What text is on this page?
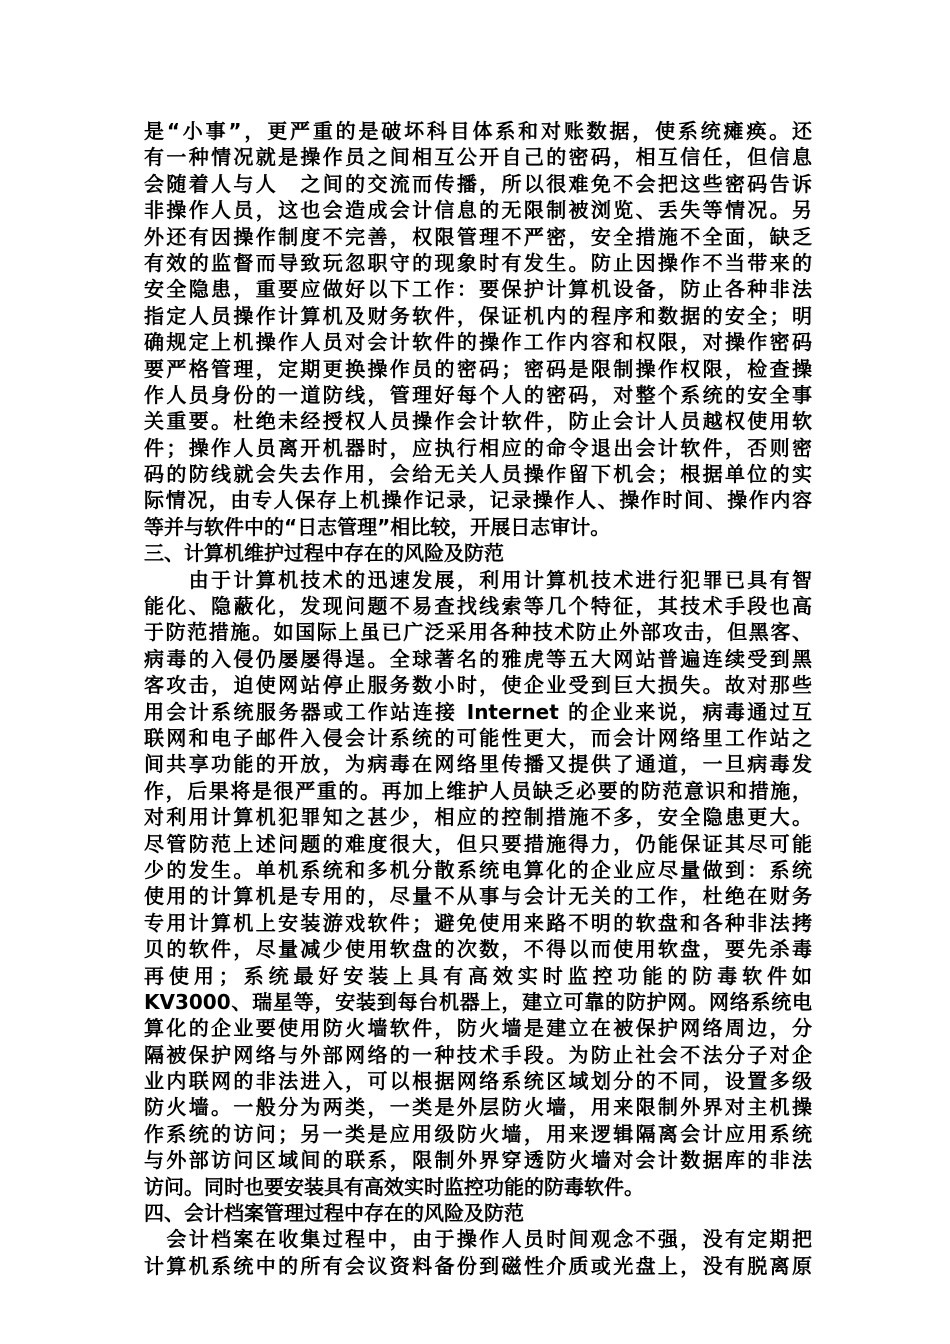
是“小事”，更严重的是破坏科目体系和对账数据，使系统瘫痪。还
有一种情况就是操作员之间相互公开自己的密码，相互信任，但信息
会随着人与人　之间的交流而传播，所以很难免不会把这些密码告诉
非操作人员，这也会造成会计信息的无限制被浏览、丢失等情况。另
外还有因操作制度不完善，权限管理不严密，安全措施不全面，缺乏
有效的监督而导致玩忽职守的现象时有发生。防止因操作不当带来的
安全隐患，重要应做好以下工作：要保护计算机设备，防止各种非法
指定人员操作计算机及财务软件，保证机内的程序和数据的安全；明
确规定上机操作人员对会计软件的操作工作内容和权限，对操作密码
要严格管理，定期更换操作员的密码；密码是限制操作权限，检查操
作人员身份的一道防线，管理好每个人的密码，对整个系统的安全事
关重要。杜绝未经授权人员操作会计软件，防止会计人员越权使用软
件；操作人员离开机器时，应执行相应的命令退出会计软件，否则密
码的防线就会失去作用，会给无关人员操作留下机会；根据单位的实
际情况，由专人保存上机操作记录，记录操作人、操作时间、操作内容
等并与软件中的“日志管理”相比较，开展日志审计。
三、计算机维护过程中存在的风险及防范
　　由于计算机技术的迅速发展，利用计算机技术进行犯罪已具有智
能化、隐蔽化，发现问题不易查找线索等几个特征，其技术手段也高
于防范措施。如国际上虽已广泛采用各种技术防止外部攻击，但黑客、
病毒的入侵仍屡屡得逞。全球著名的雅虎等五大网站普遍连续受到黑
客攻击，迫使网站停止服务数小时，使企业受到巨大损失。故对那些
用会计系统服务器或工作站连接 Internet 的企业来说，病毒通过互
联网和电子邮件入侵会计系统的可能性更大，而会计网络里工作站之
间共享功能的开放，为病毒在网络里传播又提供了通道，一旦病毒发
作，后果将是很严重的。再加上维护人员缺乏必要的防范意识和措施，
对利用计算机犯罪知之甚少，相应的控制措施不多，安全隐患更大。
尽管防范上述问题的难度很大，但只要措施得力，仍能保证其尽可能
少的发生。单机系统和多机分散系统电算化的企业应尽量做到：系统
使用的计算机是专用的，尽量不从事与会计无关的工作，杜绝在财务
专用计算机上安装游戏软件；避免使用来路不明的软盘和各种非法拷
贝的软件，尽量减少使用软盘的次数，不得以而使用软盘，要先杀毒
再使用；系统最好安装上具有高效实时监控功能的防毒软件如
KV3000、瑞星等，安装到每台机器上，建立可靠的防护网。网络系统电
算化的企业要使用防火墙软件，防火墙是建立在被保护网络周边，分
隔被保护网络与外部网络的一种技术手段。为防止社会不法分子对企
业内联网的非法进入，可以根据网络系统区域划分的不同，设置多级
防火墙。一般分为两类，一类是外层防火墙，用来限制外界对主机操
作系统的访问；另一类是应用级防火墙，用来逻辑隔离会计应用系统
与外部访问区域间的联系，限制外界穿透防火墙对会计数据库的非法
访问。同时也要安装具有高效实时监控功能的防毒软件。
四、会计档案管理过程中存在的风险及防范
　会计档案在收集过程中，由于操作人员时间观念不强，没有定期把
计算机系统中的所有会议资料备份到磁性介质或光盘上，没有脱离原
